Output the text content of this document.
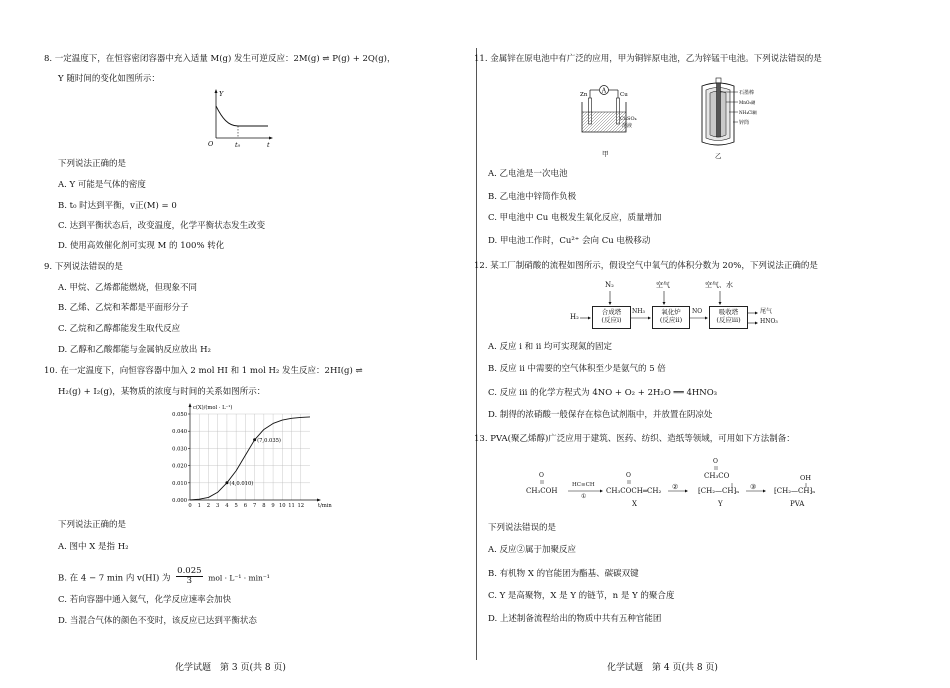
8. 一定温度下，在恒容密闭容器中充入适量 M(g) 发生可逆反应：2M(g) ⇌ P(g) + 2Q(g)，
Y 随时间的变化如图所示：
Y
O	t₀	t
下列说法正确的是
A. Y 可能是气体的密度
B. t₀ 时达到平衡，v正(M) = 0
C. 达到平衡状态后，改变温度，化学平衡状态发生改变
D. 使用高效催化剂可实现 M 的 100% 转化
9. 下列说法错误的是
A. 甲烷、乙烯都能燃烧，但现象不同
B. 乙烯、乙烷和苯都是平面形分子
C. 乙烷和乙醇都能发生取代反应
D. 乙醇和乙酸都能与金属钠反应放出 H₂
10. 在一定温度下，向恒容容器中加入 2 mol HI 和 1 mol H₂ 发生反应：2HI(g) ⇌
H₂(g) + I₂(g)，某物质的浓度与时间的关系如图所示：
0.000
0.010
0.020
0.030
0.040
0.050
0 1 2 3 4 5 6 7 8 9 10 11 12
c(X)/(mol · L⁻¹)
t/min
(4,0.010)
(7,0.035)
下列说法正确的是
A. 图中 X 是指 H₂
B. 在 4 − 7 min 内 v(HI) 为 $\frac{0.025}{3}$ mol · L⁻¹ · min⁻¹
C. 若向容器中通入氦气，化学反应速率会加快
D. 当混合气体的颜色不变时，该反应已达到平衡状态
化学试题　第 3 页(共 8 页)
11. 金属锌在原电池中有广泛的应用，甲为铜锌原电池，乙为锌锰干电池。下列说法错误的是
A
Zn	Cu
CuSO₄
溶液
甲
石墨棒
MnO₂糊
NH₄Cl糊
锌筒
乙
A. 乙电池是一次电池
B. 乙电池中锌筒作负极
C. 甲电池中 Cu 电极发生氧化反应，质量增加
D. 甲电池工作时，Cu²⁺ 会向 Cu 电极移动
12. 某工厂制硝酸的流程如图所示，假设空气中氧气的体积分数为 20%，下列说法正确的是
H₂
N₂
合成塔
(反应ⅰ)
NH₃
空气
氧化炉
(反应ⅱ)
NO
空气、水
吸收塔
(反应ⅲ)
尾气
HNO₃
A. 反应 ⅰ 和 ⅱ 均可实现氮的固定
B. 反应 ⅱ 中需要的空气体积至少是氨气的 5 倍
C. 反应 ⅲ 的化学方程式为 4NO + O₂ + 2H₂O ══ 4HNO₃
D. 制得的浓硝酸一般保存在棕色试剂瓶中，并放置在阴凉处
13. PVA(聚乙烯醇)广泛应用于建筑、医药、纺织、造纸等领域，可用如下方法制备：
O
CH₃COH
HC≡CH
①
O
CH₃COCH═CH₂
X
②
O
CH₃CO
⁅CH₂—CH⁆ₙ
Y
③
OH
⁅CH₂—CH⁆ₙ
PVA
下列说法错误的是
A. 反应②属于加聚反应
B. 有机物 X 的官能团为酯基、碳碳双键
C. Y 是高聚物，X 是 Y 的链节，n 是 Y 的聚合度
D. 上述制备流程给出的物质中共有五种官能团
化学试题　第 4 页(共 8 页)
